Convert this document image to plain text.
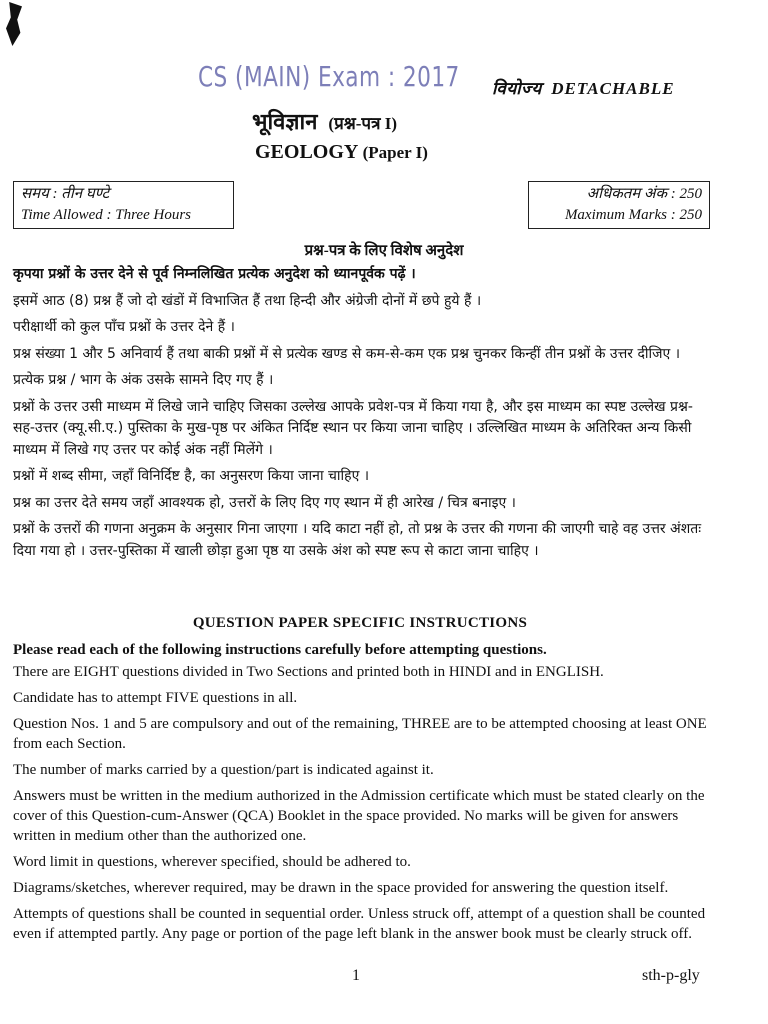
CS (MAIN) Exam : 2017 वियोज्य DETACHABLE
भूविज्ञान (प्रश्न-पत्र I)
GEOLOGY (Paper I)
समय : तीन घण्टे
Time Allowed : Three Hours
अधिकतम अंक : 250
Maximum Marks : 250
प्रश्न-पत्र के लिए विशेष अनुदेश

कृपया प्रश्नों के उत्तर देने से पूर्व निम्नलिखित प्रत्येक अनुदेश को ध्यानपूर्वक पढ़ें ।

इसमें आठ (8) प्रश्न हैं जो दो खंडों में विभाजित हैं तथा हिन्दी और अंग्रेजी दोनों में छपे हुये हैं ।

परीक्षार्थी को कुल पाँच प्रश्नों के उत्तर देने हैं ।

प्रश्न संख्या 1 और 5 अनिवार्य हैं तथा बाकी प्रश्नों में से प्रत्येक खण्ड से कम-से-कम एक प्रश्न चुनकर किन्हीं तीन प्रश्नों के उत्तर दीजिए ।

प्रत्येक प्रश्न / भाग के अंक उसके सामने दिए गए हैं ।

प्रश्नों के उत्तर उसी माध्यम में लिखे जाने चाहिए जिसका उल्लेख आपके प्रवेश-पत्र में किया गया है, और इस माध्यम का स्पष्ट उल्लेख प्रश्न-सह-उत्तर (क्यू.सी.ए.) पुस्तिका के मुख-पृष्ठ पर अंकित निर्दिष्ट स्थान पर किया जाना चाहिए । उल्लिखित माध्यम के अतिरिक्त अन्य किसी माध्यम में लिखे गए उत्तर पर कोई अंक नहीं मिलेंगे ।

प्रश्नों में शब्द सीमा, जहाँ विनिर्दिष्ट है, का अनुसरण किया जाना चाहिए ।

प्रश्न का उत्तर देते समय जहाँ आवश्यक हो, उत्तरों के लिए दिए गए स्थान में ही आरेख / चित्र बनाइए ।

प्रश्नों के उत्तरों की गणना अनुक्रम के अनुसार गिना जाएगा । यदि काटा नहीं हो, तो प्रश्न के उत्तर की गणना की जाएगी चाहे वह उत्तर अंशतः दिया गया हो । उत्तर-पुस्तिका में खाली छोड़ा हुआ पृष्ठ या उसके अंश को स्पष्ट रूप से काटा जाना चाहिए ।

QUESTION PAPER SPECIFIC INSTRUCTIONS

Please read each of the following instructions carefully before attempting questions.

There are EIGHT questions divided in Two Sections and printed both in HINDI and in ENGLISH.

Candidate has to attempt FIVE questions in all.

Question Nos. 1 and 5 are compulsory and out of the remaining, THREE are to be attempted choosing at least ONE from each Section.

The number of marks carried by a question/part is indicated against it.

Answers must be written in the medium authorized in the Admission certificate which must be stated clearly on the cover of this Question-cum-Answer (QCA) Booklet in the space provided. No marks will be given for answers written in medium other than the authorized one.

Word limit in questions, wherever specified, should be adhered to.

Diagrams/sketches, wherever required, may be drawn in the space provided for answering the question itself.

Attempts of questions shall be counted in sequential order. Unless struck off, attempt of a question shall be counted even if attempted partly. Any page or portion of the page left blank in the answer book must be clearly struck off.

1	sth-p-gly
